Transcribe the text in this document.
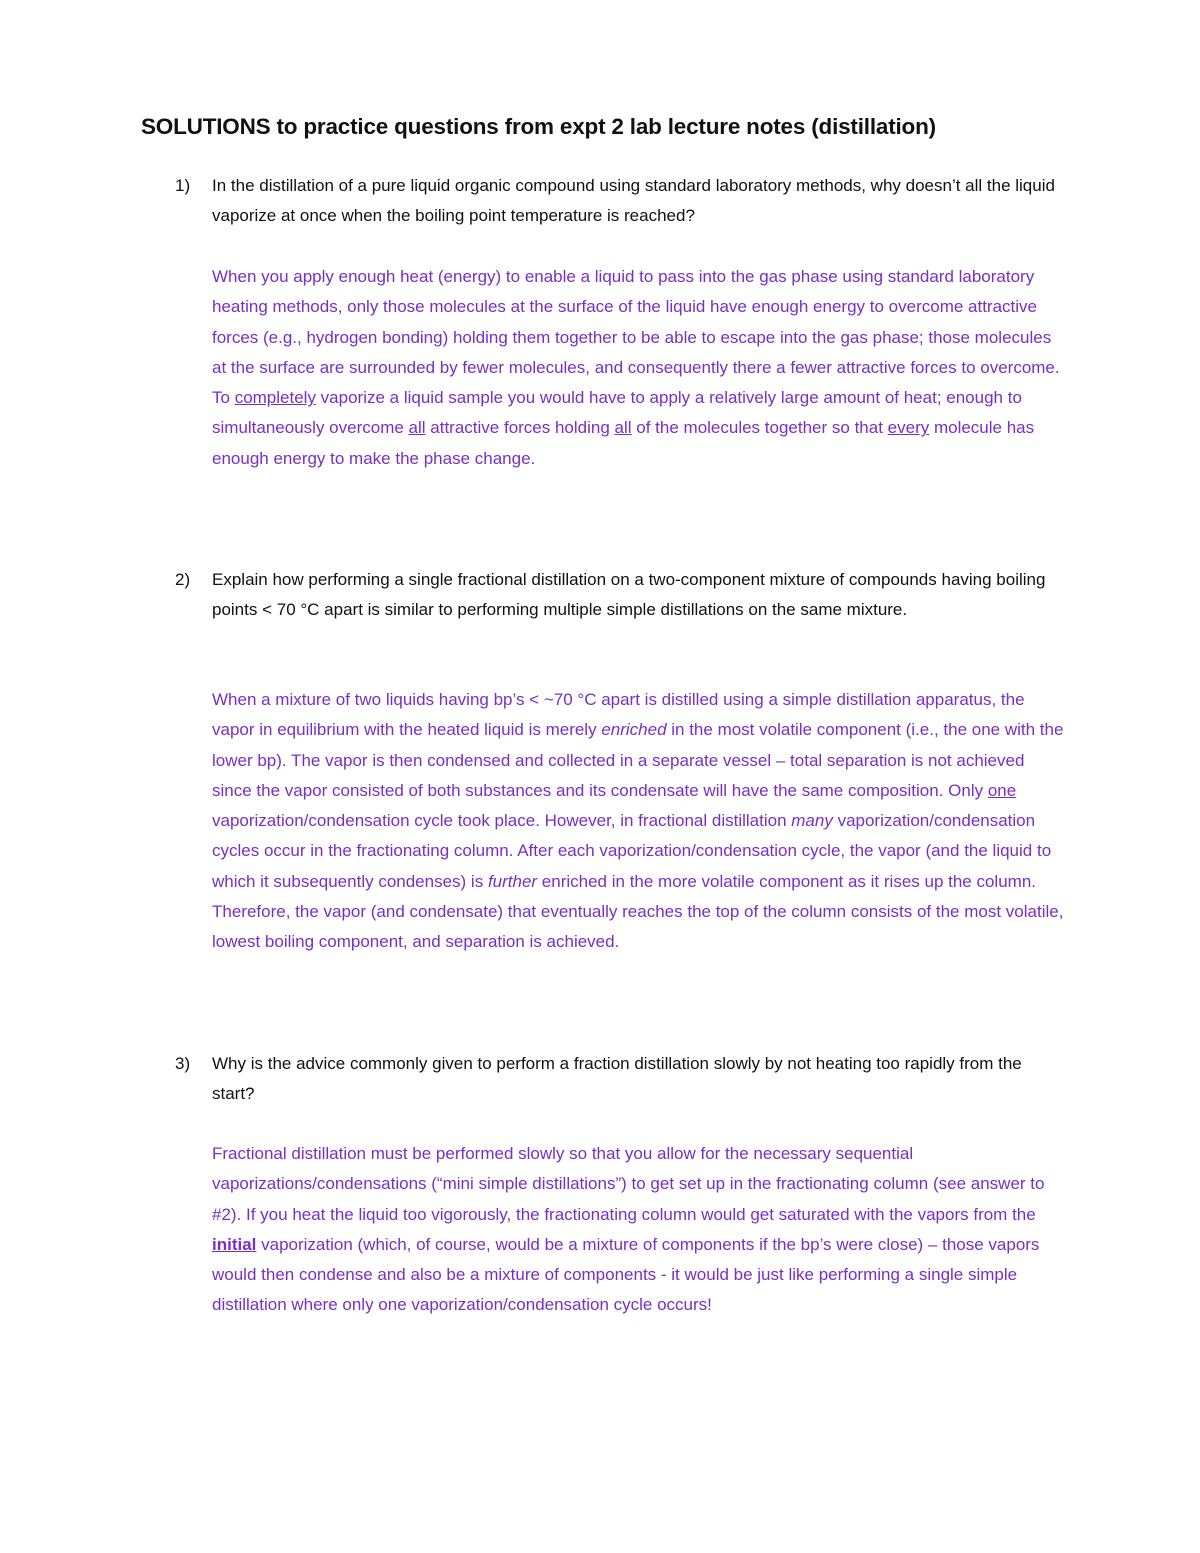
SOLUTIONS to practice questions from expt 2 lab lecture notes (distillation)
1)	In the distillation of a pure liquid organic compound using standard laboratory methods, why doesn’t all the liquid vaporize at once when the boiling point temperature is reached?

When you apply enough heat (energy) to enable a liquid to pass into the gas phase using standard laboratory heating methods, only those molecules at the surface of the liquid have enough energy to overcome attractive forces (e.g., hydrogen bonding) holding them together to be able to escape into the gas phase; those molecules at the surface are surrounded by fewer molecules, and consequently there a fewer attractive forces to overcome. To completely vaporize a liquid sample you would have to apply a relatively large amount of heat; enough to simultaneously overcome all attractive forces holding all of the molecules together so that every molecule has enough energy to make the phase change.

2)	Explain how performing a single fractional distillation on a two-component mixture of compounds having boiling points < 70 °C apart is similar to performing multiple simple distillations on the same mixture.

When a mixture of two liquids having bp’s < ~70 °C apart is distilled using a simple distillation apparatus, the vapor in equilibrium with the heated liquid is merely enriched in the most volatile component (i.e., the one with the lower bp). The vapor is then condensed and collected in a separate vessel – total separation is not achieved since the vapor consisted of both substances and its condensate will have the same composition. Only one vaporization/condensation cycle took place. However, in fractional distillation many vaporization/condensation cycles occur in the fractionating column. After each vaporization/condensation cycle, the vapor (and the liquid to which it subsequently condenses) is further enriched in the more volatile component as it rises up the column. Therefore, the vapor (and condensate) that eventually reaches the top of the column consists of the most volatile, lowest boiling component, and separation is achieved.

3)	Why is the advice commonly given to perform a fraction distillation slowly by not heating too rapidly from the start?

Fractional distillation must be performed slowly so that you allow for the necessary sequential vaporizations/condensations (“mini simple distillations”) to get set up in the fractionating column (see answer to #2). If you heat the liquid too vigorously, the fractionating column would get saturated with the vapors from the initial vaporization (which, of course, would be a mixture of components if the bp’s were close) – those vapors would then condense and also be a mixture of components - it would be just like performing a single simple distillation where only one vaporization/condensation cycle occurs!
